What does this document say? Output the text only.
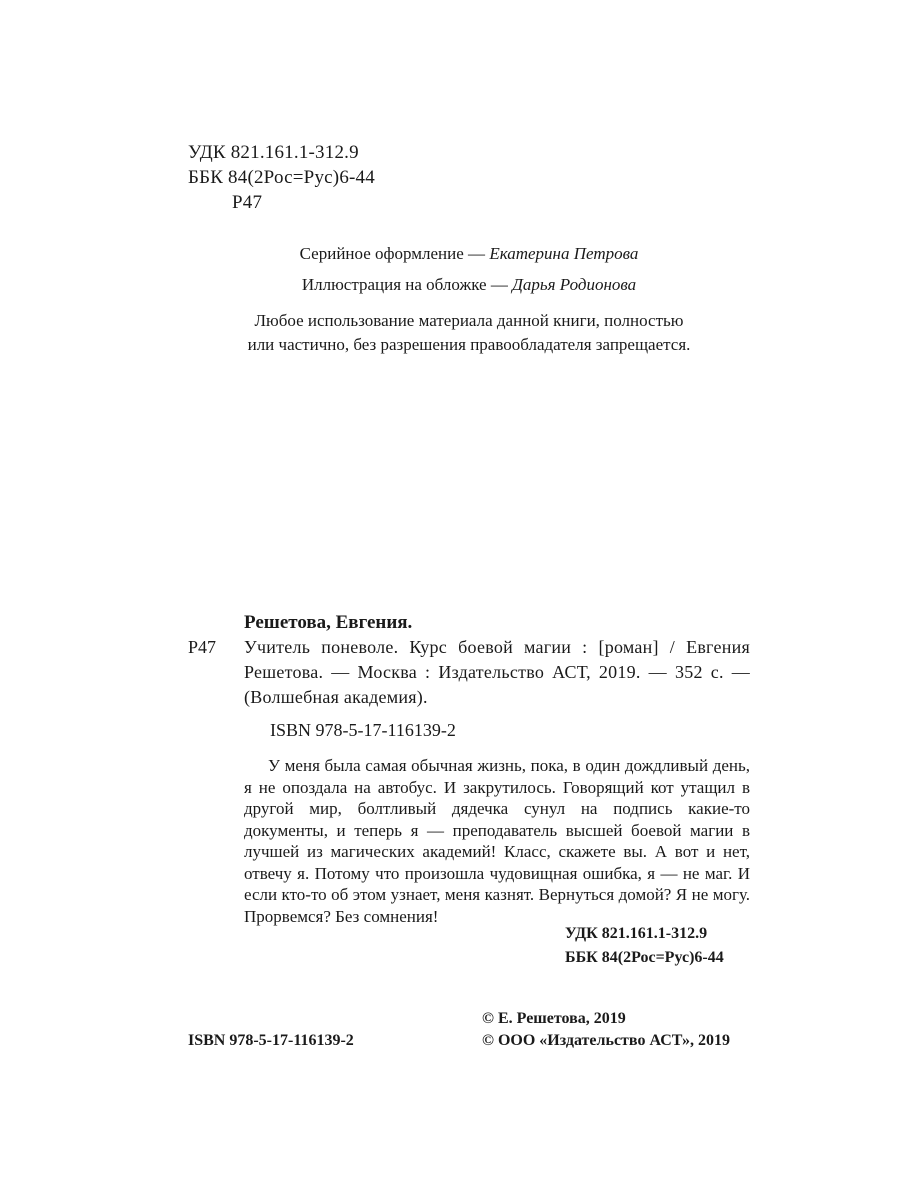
УДК 821.161.1-312.9
ББК 84(2Рос=Рус)6-44
Р47
Серийное оформление — Екатерина Петрова
Иллюстрация на обложке — Дарья Родионова
Любое использование материала данной книги, полностью
или частично, без разрешения правообладателя запрещается.
Решетова, Евгения.
Р47 Учитель поневоле. Курс боевой магии : [роман] / Евгения Решетова. — Москва : Издательство АСТ, 2019. — 352 с. — (Волшебная академия).
ISBN 978-5-17-116139-2
У меня была самая обычная жизнь, пока, в один дождливый день, я не опоздала на автобус. И закрутилось. Говорящий кот утащил в другой мир, болтливый дядечка сунул на подпись какие-то документы, и теперь я — преподаватель высшей боевой магии в лучшей из магических академий! Класс, скажете вы. А вот и нет, отвечу я. Потому что произошла чудовищная ошибка, я — не маг. И если кто-то об этом узнает, меня казнят. Вернуться домой? Я не могу. Прорвемся? Без сомнения!
УДК 821.161.1-312.9
ББК 84(2Рос=Рус)6-44
ISBN 978-5-17-116139-2
© Е. Решетова, 2019
© ООО «Издательство АСТ», 2019
